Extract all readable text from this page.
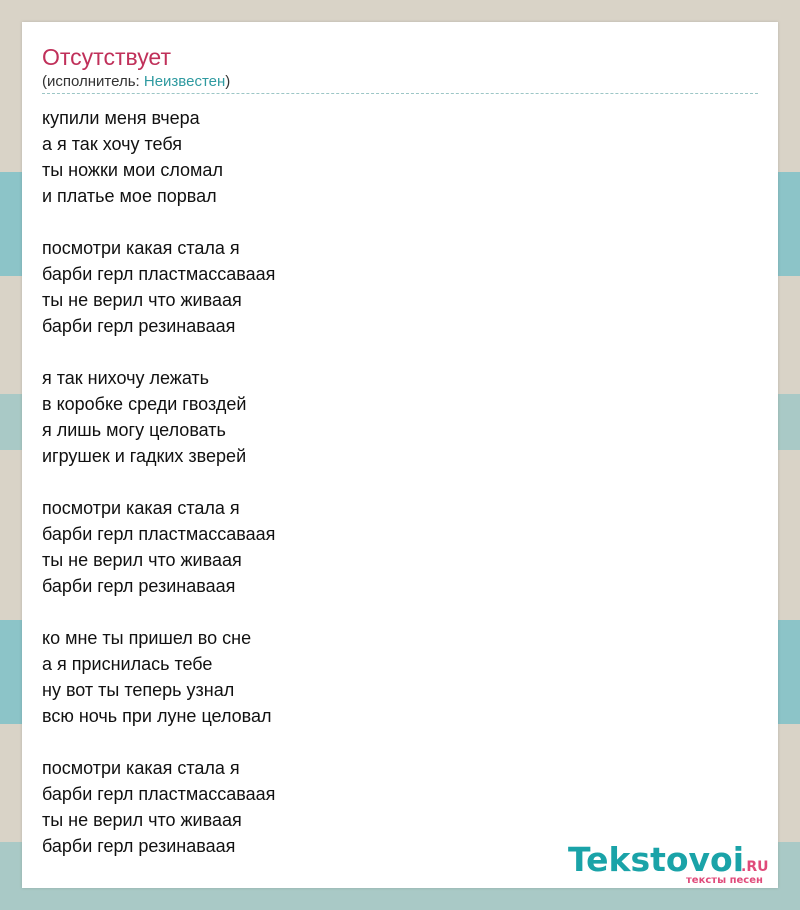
Отсутствует
(исполнитель: Неизвестен)
купили меня вчера
а я так хочу тебя
ты ножки мои сломал
и платье мое порвал
посмотри какая стала я
барби герл пластмассаваая
ты не верил что живаая
барби герл резинаваая
я так нихочу лежать
в коробке среди гвоздей
я лишь могу целовать
игрушек и гадких зверей
посмотри какая стала я
барби герл пластмассаваая
ты не верил что живаая
барби герл резинаваая
ко мне ты пришел во сне
а я приснилась тебе
ну вот ты теперь узнал
всю ночь при луне целовал
посмотри какая стала я
барби герл пластмассаваая
ты не верил что живаая
барби герл резинаваая	Tekstovoi
.RU
тексты песен
